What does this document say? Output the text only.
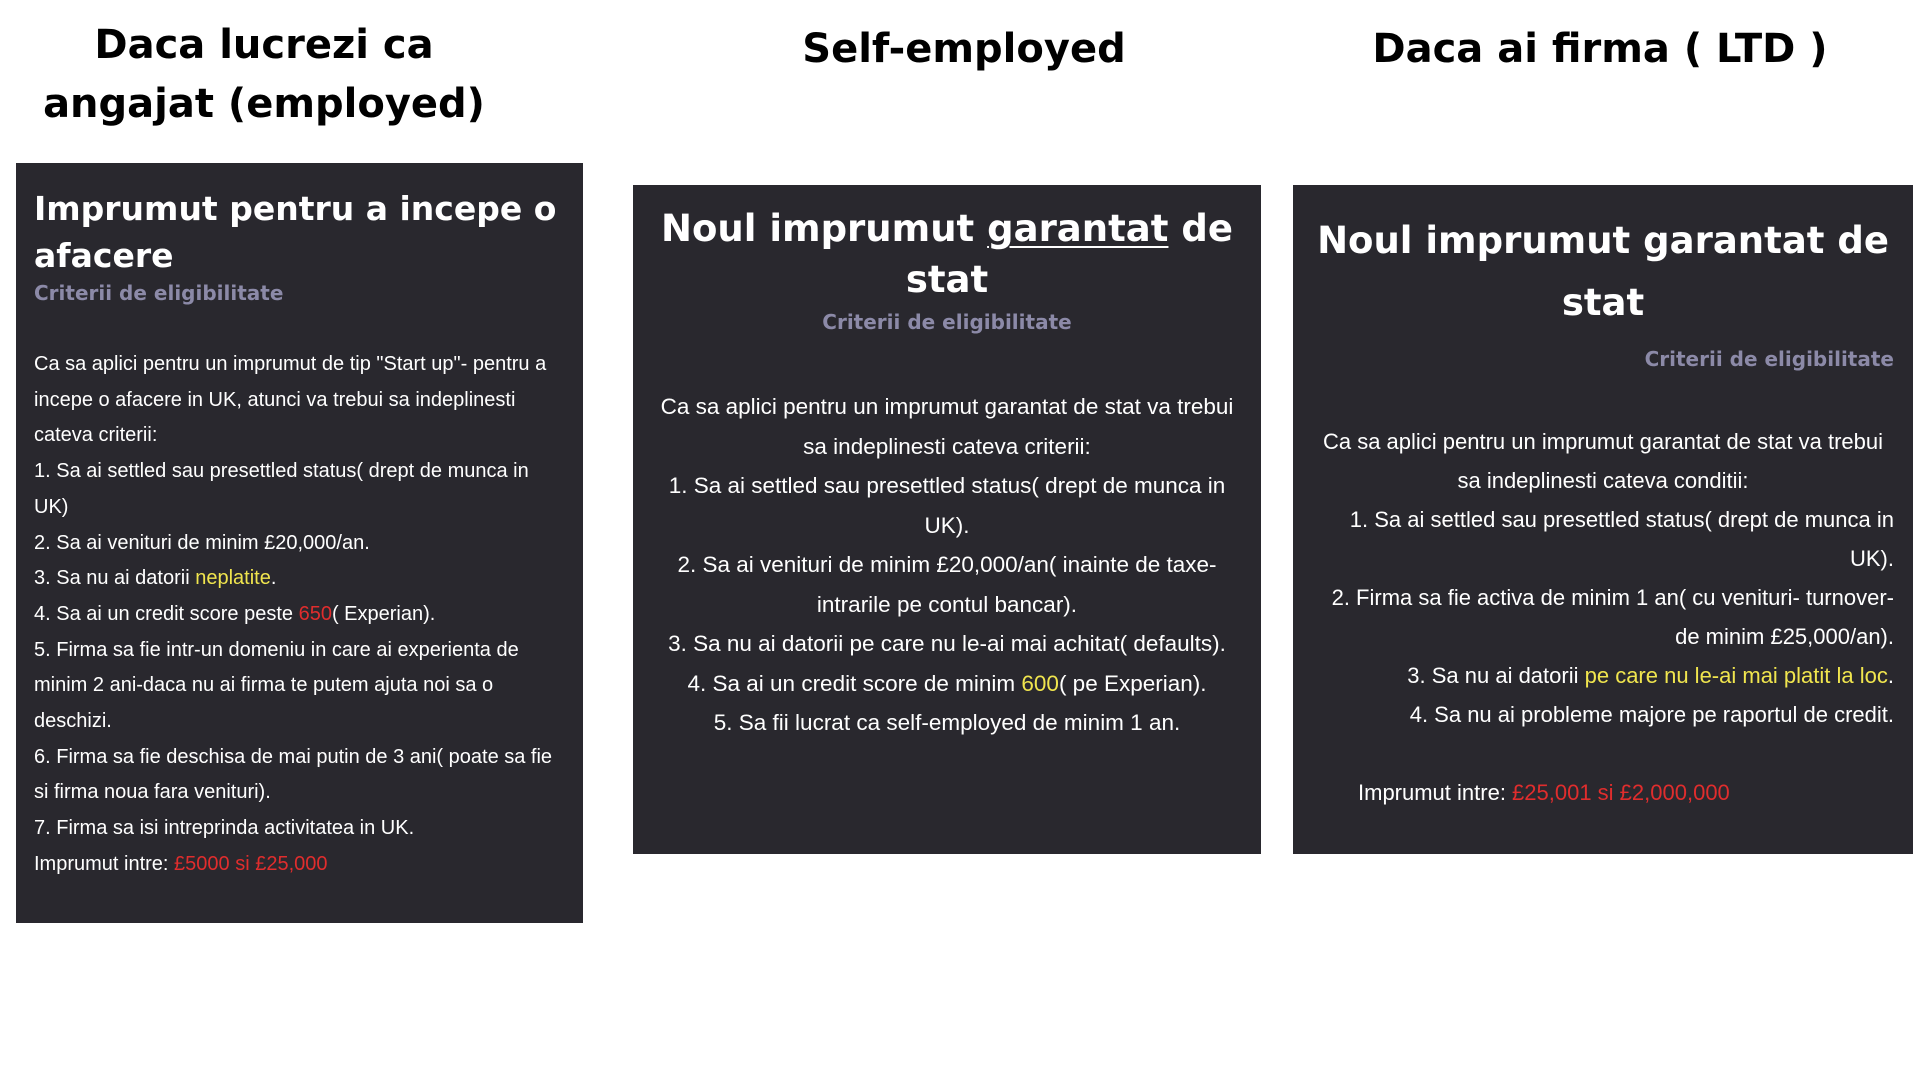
Daca lucrezi ca angajat (employed)
Self-employed	Daca ai firma ( LTD )
Imprumut pentru a incepe o afacere
Criterii de eligibilitate
Ca sa aplici pentru un imprumut de tip "Start up"- pentru a incepe o afacere in UK, atunci va trebui sa indeplinesti cateva criterii:
1. Sa ai settled sau presettled status( drept de munca in UK)
2. Sa ai venituri de minim £20,000/an.
3. Sa nu ai datorii neplatite.
4. Sa ai un credit score peste 650( Experian).
5. Firma sa fie intr-un domeniu in care ai experienta de minim 2 ani-daca nu ai firma te putem ajuta noi sa o deschizi.
6. Firma sa fie deschisa de mai putin de 3 ani( poate sa fie si firma noua fara venituri).
7. Firma sa isi intreprinda activitatea in UK.
Imprumut intre: £5000 si £25,000
Noul imprumut garantat de stat
Criterii de eligibilitate
Ca sa aplici pentru un imprumut garantat de stat va trebui sa indeplinesti cateva criterii:
1. Sa ai settled sau presettled status( drept de munca in UK).
2. Sa ai venituri de minim £20,000/an( inainte de taxe- intrarile pe contul bancar).
3. Sa nu ai datorii pe care nu le-ai mai achitat( defaults).
4. Sa ai un credit score de minim 600( pe Experian).
5. Sa fii lucrat ca self-employed de minim 1 an.
Noul imprumut garantat de stat
Criterii de eligibilitate
Ca sa aplici pentru un imprumut garantat de stat va trebui sa indeplinesti cateva conditii:
1. Sa ai settled sau presettled status( drept de munca in UK).
2. Firma sa fie activa de minim 1 an( cu venituri- turnover- de minim £25,000/an).
3. Sa nu ai datorii pe care nu le-ai mai platit la loc.
4. Sa nu ai probleme majore pe raportul de credit.
Imprumut intre: £25,001 si £2,000,000
